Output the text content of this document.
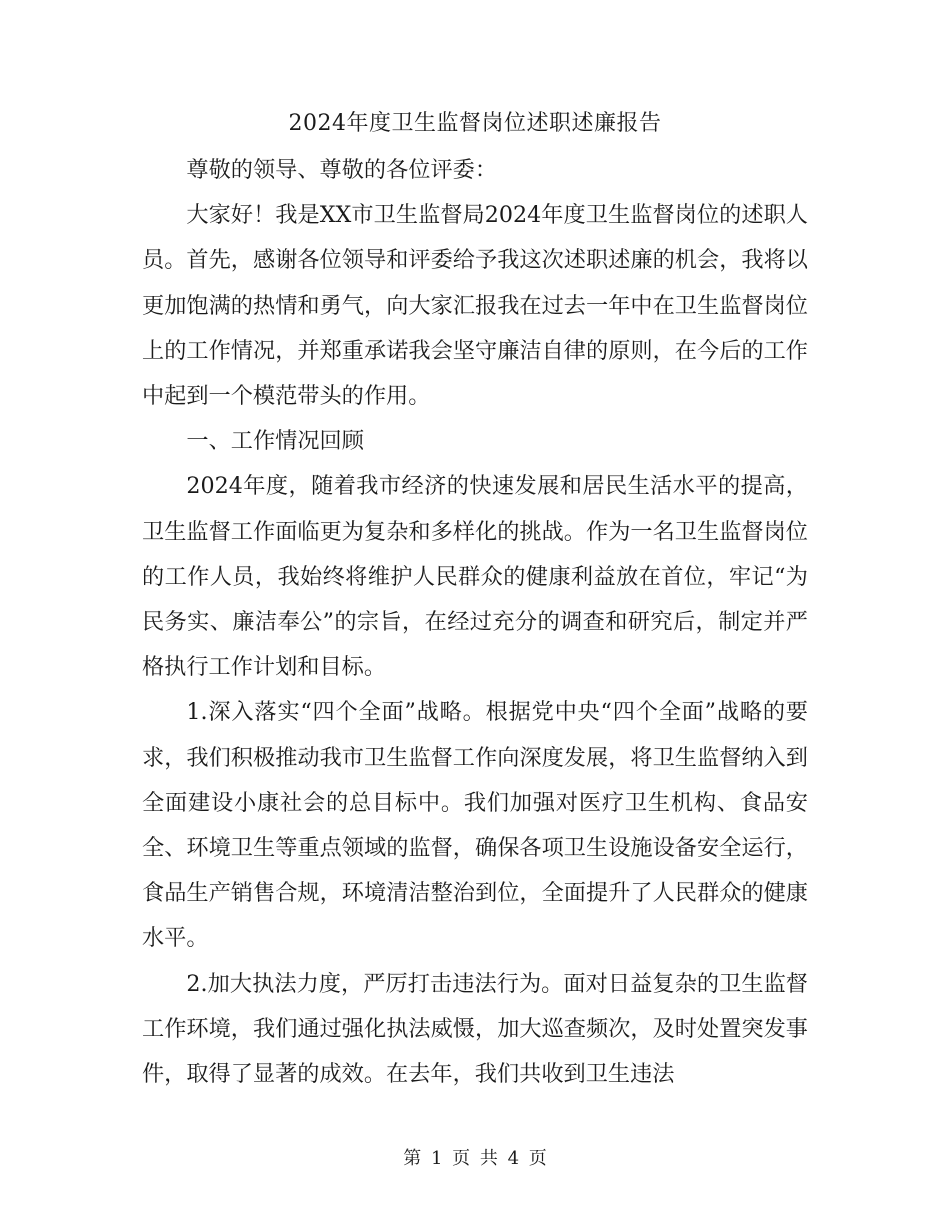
2024年度卫生监督岗位述职述廉报告

尊敬的领导、尊敬的各位评委：

大家好！我是XX市卫生监督局2024年度卫生监督岗位的述职人员。首先，感谢各位领导和评委给予我这次述职述廉的机会，我将以更加饱满的热情和勇气，向大家汇报我在过去一年中在卫生监督岗位上的工作情况，并郑重承诺我会坚守廉洁自律的原则，在今后的工作中起到一个模范带头的作用。

一、工作情况回顾

2024年度，随着我市经济的快速发展和居民生活水平的提高，卫生监督工作面临更为复杂和多样化的挑战。作为一名卫生监督岗位的工作人员，我始终将维护人民群众的健康利益放在首位，牢记“为民务实、廉洁奉公”的宗旨，在经过充分的调查和研究后，制定并严格执行工作计划和目标。

1.深入落实“四个全面”战略。根据党中央“四个全面”战略的要求，我们积极推动我市卫生监督工作向深度发展，将卫生监督纳入到全面建设小康社会的总目标中。我们加强对医疗卫生机构、食品安全、环境卫生等重点领域的监督，确保各项卫生设施设备安全运行，食品生产销售合规，环境清洁整治到位，全面提升了人民群众的健康水平。

2.加大执法力度，严厉打击违法行为。面对日益复杂的卫生监督工作环境，我们通过强化执法威慑，加大巡查频次，及时处置突发事件，取得了显著的成效。在去年，我们共收到卫生违法

第 1 页 共 4 页
